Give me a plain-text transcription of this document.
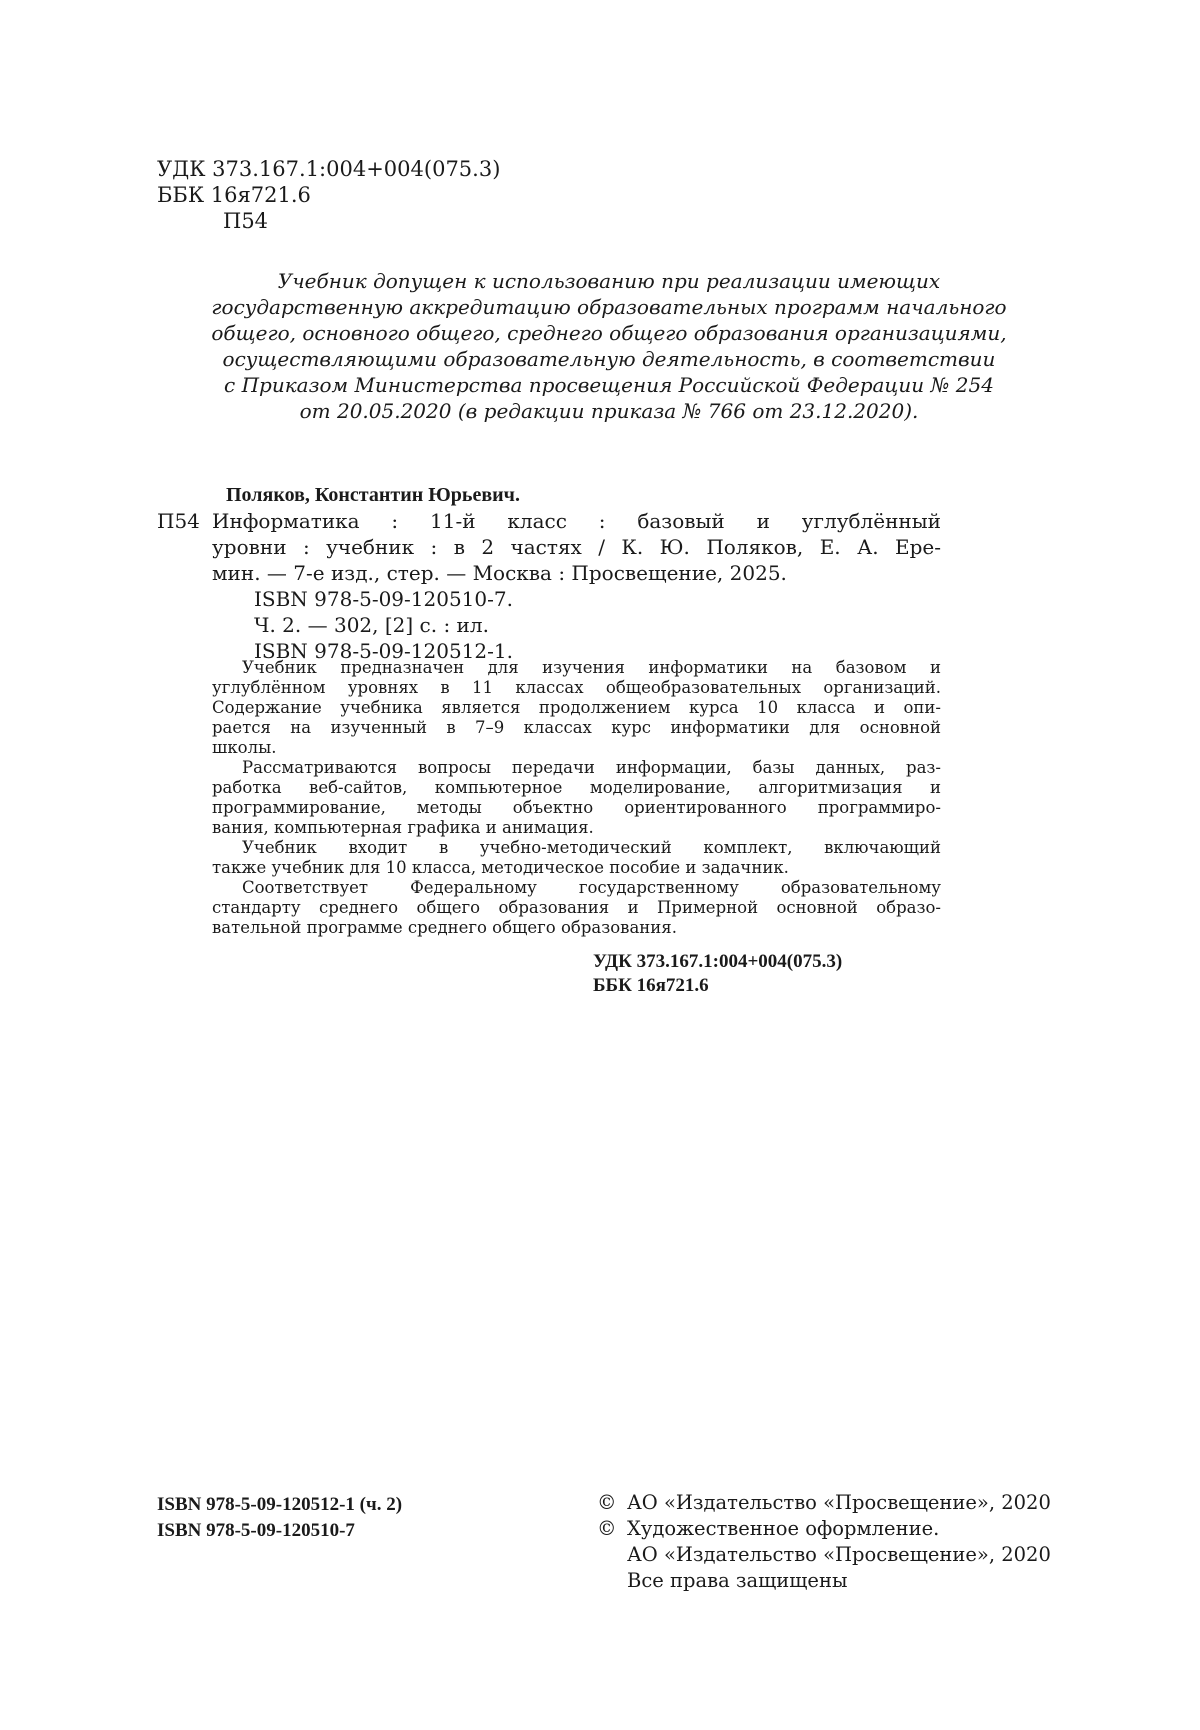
УДК 373.167.1:004+004(075.3)
ББК 16я721.6
П54
Учебник допущен к использованию при реализации имеющих
государственную аккредитацию образовательных программ начального
общего, основного общего, среднего общего образования организациями,
осуществляющими образовательную деятельность, в соответствии
с Приказом Министерства просвещения Российской Федерации № 254
от 20.05.2020 (в редакции приказа № 766 от 23.12.2020).
Поляков, Константин Юрьевич.
П54 Информатика : 11-й класс : базовый и углублённый
уровни : учебник : в 2 частях / К. Ю. Поляков, Е. А. Ере-
мин. — 7-е изд., стер. — Москва : Просвещение, 2025.
ISBN 978-5-09-120510-7.
Ч. 2. — 302, [2] с. : ил.
ISBN 978-5-09-120512-1.
Учебник предназначен для изучения информатики на базовом и
углублённом уровнях в 11 классах общеобразовательных организаций.
Содержание учебника является продолжением курса 10 класса и опи-
рается на изученный в 7–9 классах курс информатики для основной
школы.
Рассматриваются вопросы передачи информации, базы данных, раз-
работка веб-сайтов, компьютерное моделирование, алгоритмизация и
программирование, методы объектно ориентированного программиро-
вания, компьютерная графика и анимация.
Учебник входит в учебно-методический комплект, включающий
также учебник для 10 класса, методическое пособие и задачник.
Соответствует Федеральному государственному образовательному
стандарту среднего общего образования и Примерной основной образо-
вательной программе среднего общего образования.
УДК 373.167.1:004+004(075.3)
ББК 16я721.6
ISBN 978-5-09-120512-1 (ч. 2)
ISBN 978-5-09-120510-7
© АО «Издательство «Просвещение», 2020
© Художественное оформление.
АО «Издательство «Просвещение», 2020
Все права защищены
